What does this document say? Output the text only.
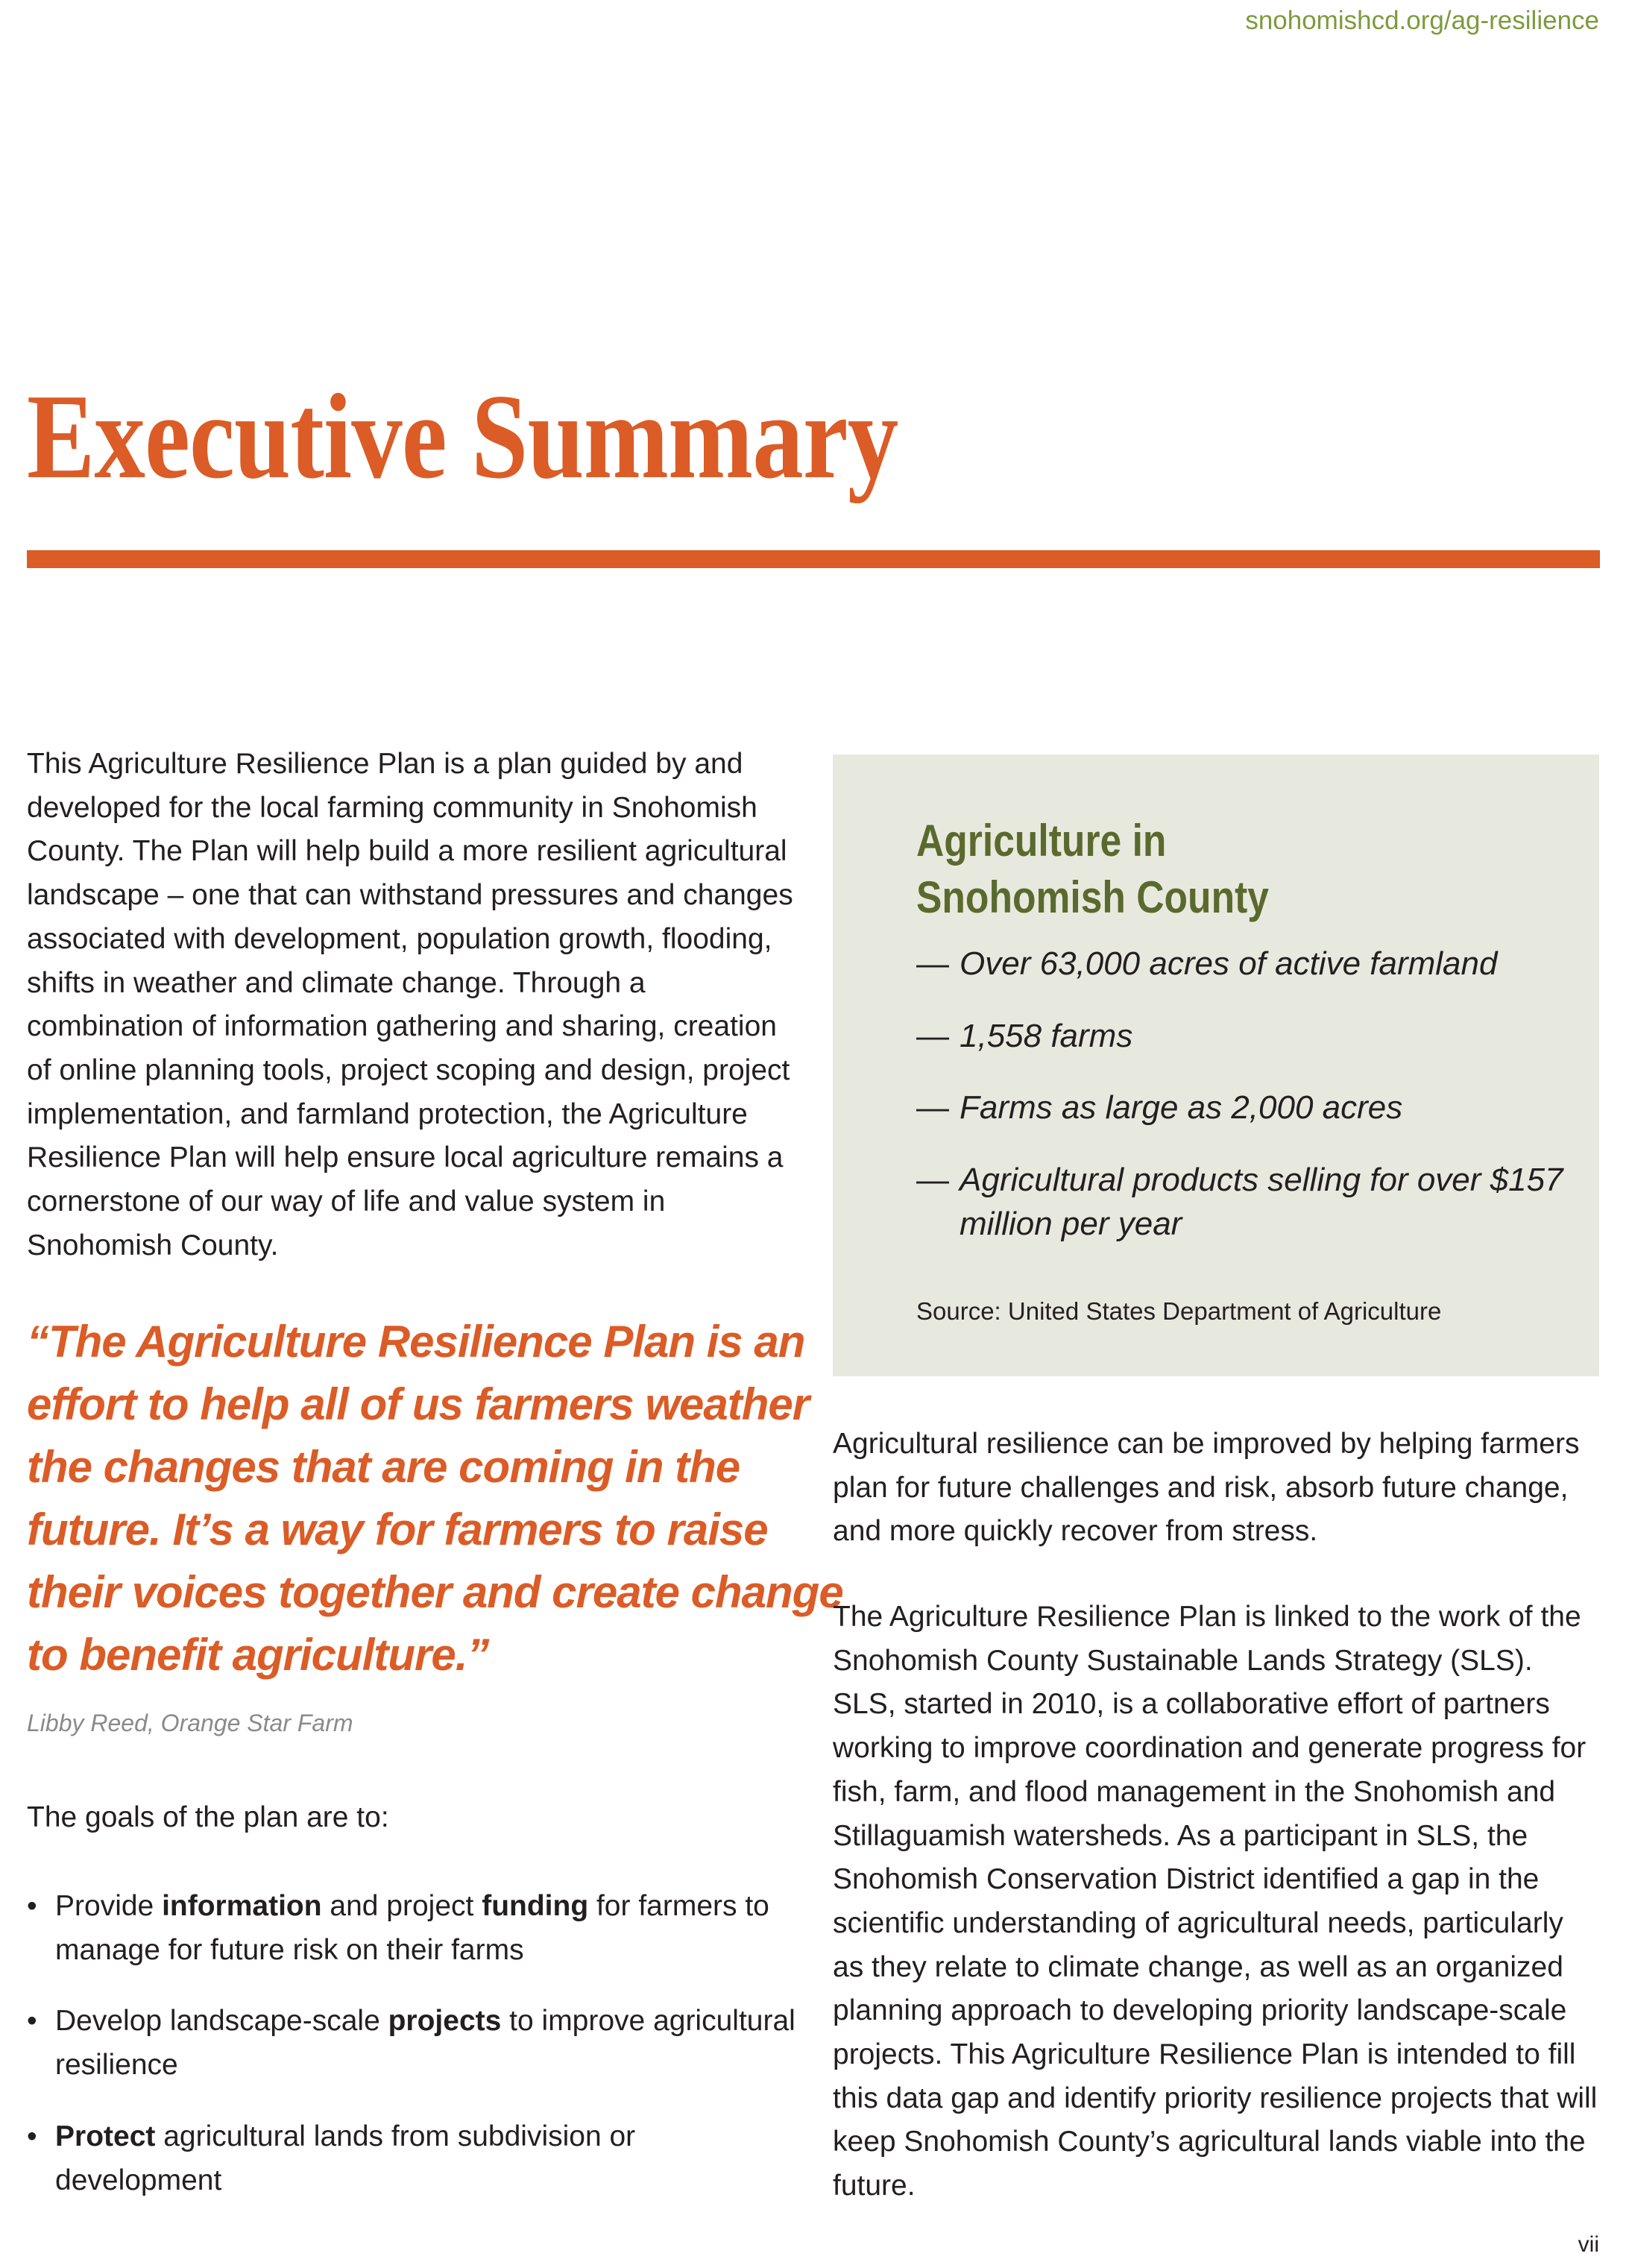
snohomishcd.org/ag-resilience
Executive Summary

This Agriculture Resilience Plan is a plan guided by and developed for the local farming community in Snohomish County. The Plan will help build a more resilient agricultural landscape – one that can withstand pressures and changes associated with development, population growth, flooding, shifts in weather and climate change. Through a combination of information gathering and sharing, creation of online planning tools, project scoping and design, project implementation, and farmland protection, the Agriculture Resilience Plan will help ensure local agriculture remains a cornerstone of our way of life and value system in Snohomish County.

“The Agriculture Resilience Plan is an effort to help all of us farmers weather the changes that are coming in the future. It’s a way for farmers to raise their voices together and create change to benefit agriculture.”

Libby Reed, Orange Star Farm
The goals of the plan are to:
• Provide information and project funding for farmers to manage for future risk on their farms
• Develop landscape-scale projects to improve agricultural resilience
• Protect agricultural lands from subdivision or development
Agriculture in Snohomish County
— Over 63,000 acres of active farmland
— 1,558 farms
— Farms as large as 2,000 acres
— Agricultural products selling for over $157 million per year
Source: United States Department of Agriculture

Agricultural resilience can be improved by helping farmers plan for future challenges and risk, absorb future change, and more quickly recover from stress.

The Agriculture Resilience Plan is linked to the work of the Snohomish County Sustainable Lands Strategy (SLS). SLS, started in 2010, is a collaborative effort of partners working to improve coordination and generate progress for fish, farm, and flood management in the Snohomish and Stillaguamish watersheds. As a participant in SLS, the Snohomish Conservation District identified a gap in the scientific understanding of agricultural needs, particularly as they relate to climate change, as well as an organized planning approach to developing priority landscape-scale projects. This Agriculture Resilience Plan is intended to fill this data gap and identify priority resilience projects that will keep Snohomish County’s agricultural lands viable into the future.

vii
